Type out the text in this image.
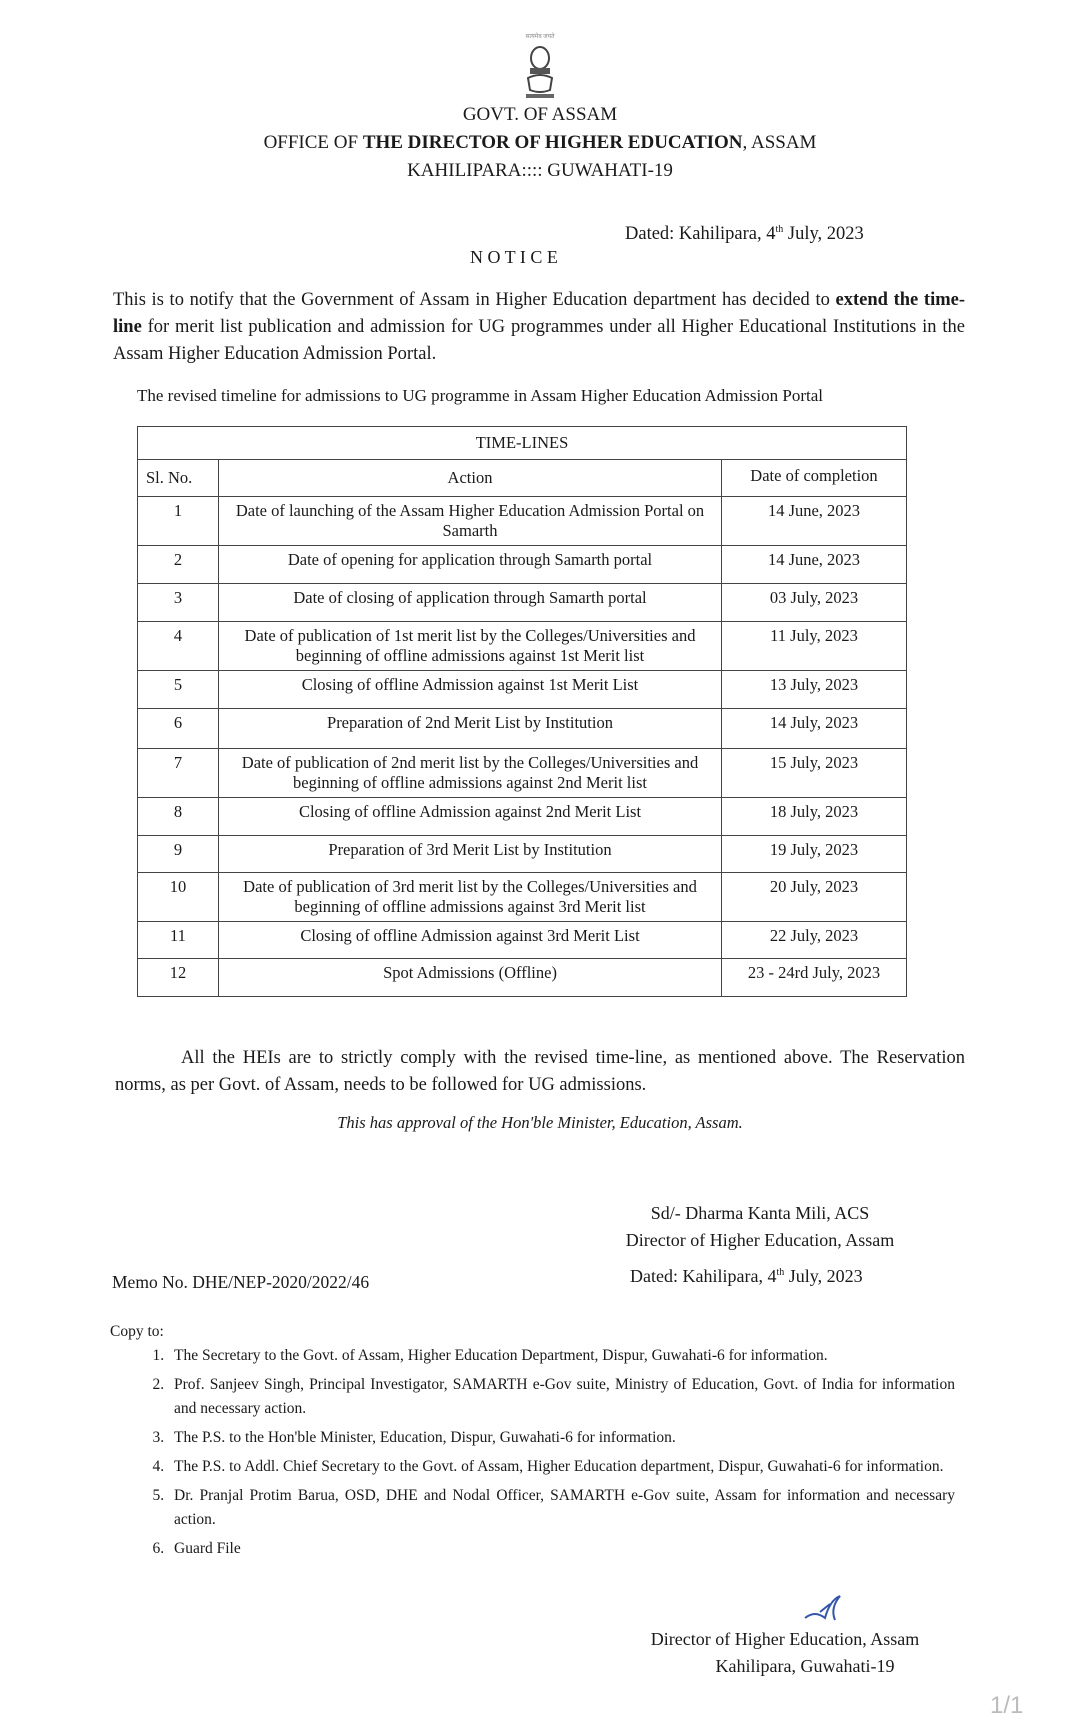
सत्यमेव जयते
GOVT. OF ASSAM
OFFICE OF THE DIRECTOR OF HIGHER EDUCATION, ASSAM
KAHILIPARA:::: GUWAHATI-19
Dated: Kahilipara, 4th July, 2023
N O T I C E
This is to notify that the Government of Assam in Higher Education department has decided to extend the time-line for merit list publication and admission for UG programmes under all Higher Educational Institutions in the Assam Higher Education Admission Portal.
The revised timeline for admissions to UG programme in Assam Higher Education Admission Portal
TIME-LINES		
Sl. No.	Action	Date of completion
1	Date of launching of the Assam Higher Education Admission Portal on Samarth	14 June, 2023
2	Date of opening for application through Samarth portal	14 June, 2023
3	Date of closing of application through Samarth portal	03 July, 2023
4	Date of publication of 1st merit list by the Colleges/Universities and beginning of offline admissions against 1st Merit list	11 July, 2023
5	Closing of offline Admission against 1st Merit List	13 July, 2023
6	Preparation of 2nd Merit List by Institution	14 July, 2023
7	Date of publication of 2nd merit list by the Colleges/Universities and beginning of offline admissions against 2nd Merit list	15 July, 2023
8	Closing of offline Admission against 2nd Merit List	18 July, 2023
9	Preparation of 3rd Merit List by Institution	19 July, 2023
10	Date of publication of 3rd merit list by the Colleges/Universities and beginning of offline admissions against 3rd Merit list	20 July, 2023
11	Closing of offline Admission against 3rd Merit List	22 July, 2023
12	Spot Admissions (Offline)	23 - 24rd July, 2023
All the HEIs are to strictly comply with the revised time-line, as mentioned above. The Reservation norms, as per Govt. of Assam, needs to be followed for UG admissions.
This has approval of the Hon'ble Minister, Education, Assam.
Sd/- Dharma Kanta Mili, ACS
Director of Higher Education, Assam
Memo No. DHE/NEP-2020/2022/46	Dated: Kahilipara, 4th July, 2023
Copy to:
1. The Secretary to the Govt. of Assam, Higher Education Department, Dispur, Guwahati-6 for information.
2. Prof. Sanjeev Singh, Principal Investigator, SAMARTH e-Gov suite, Ministry of Education, Govt. of India for information and necessary action.
3. The P.S. to the Hon'ble Minister, Education, Dispur, Guwahati-6 for information.
4. The P.S. to Addl. Chief Secretary to the Govt. of Assam, Higher Education department, Dispur, Guwahati-6 for information.
5. Dr. Pranjal Protim Barua, OSD, DHE and Nodal Officer, SAMARTH e-Gov suite, Assam for information and necessary action.
6. Guard File
Director of Higher Education, Assam
Kahilipara, Guwahati-19
1/1
